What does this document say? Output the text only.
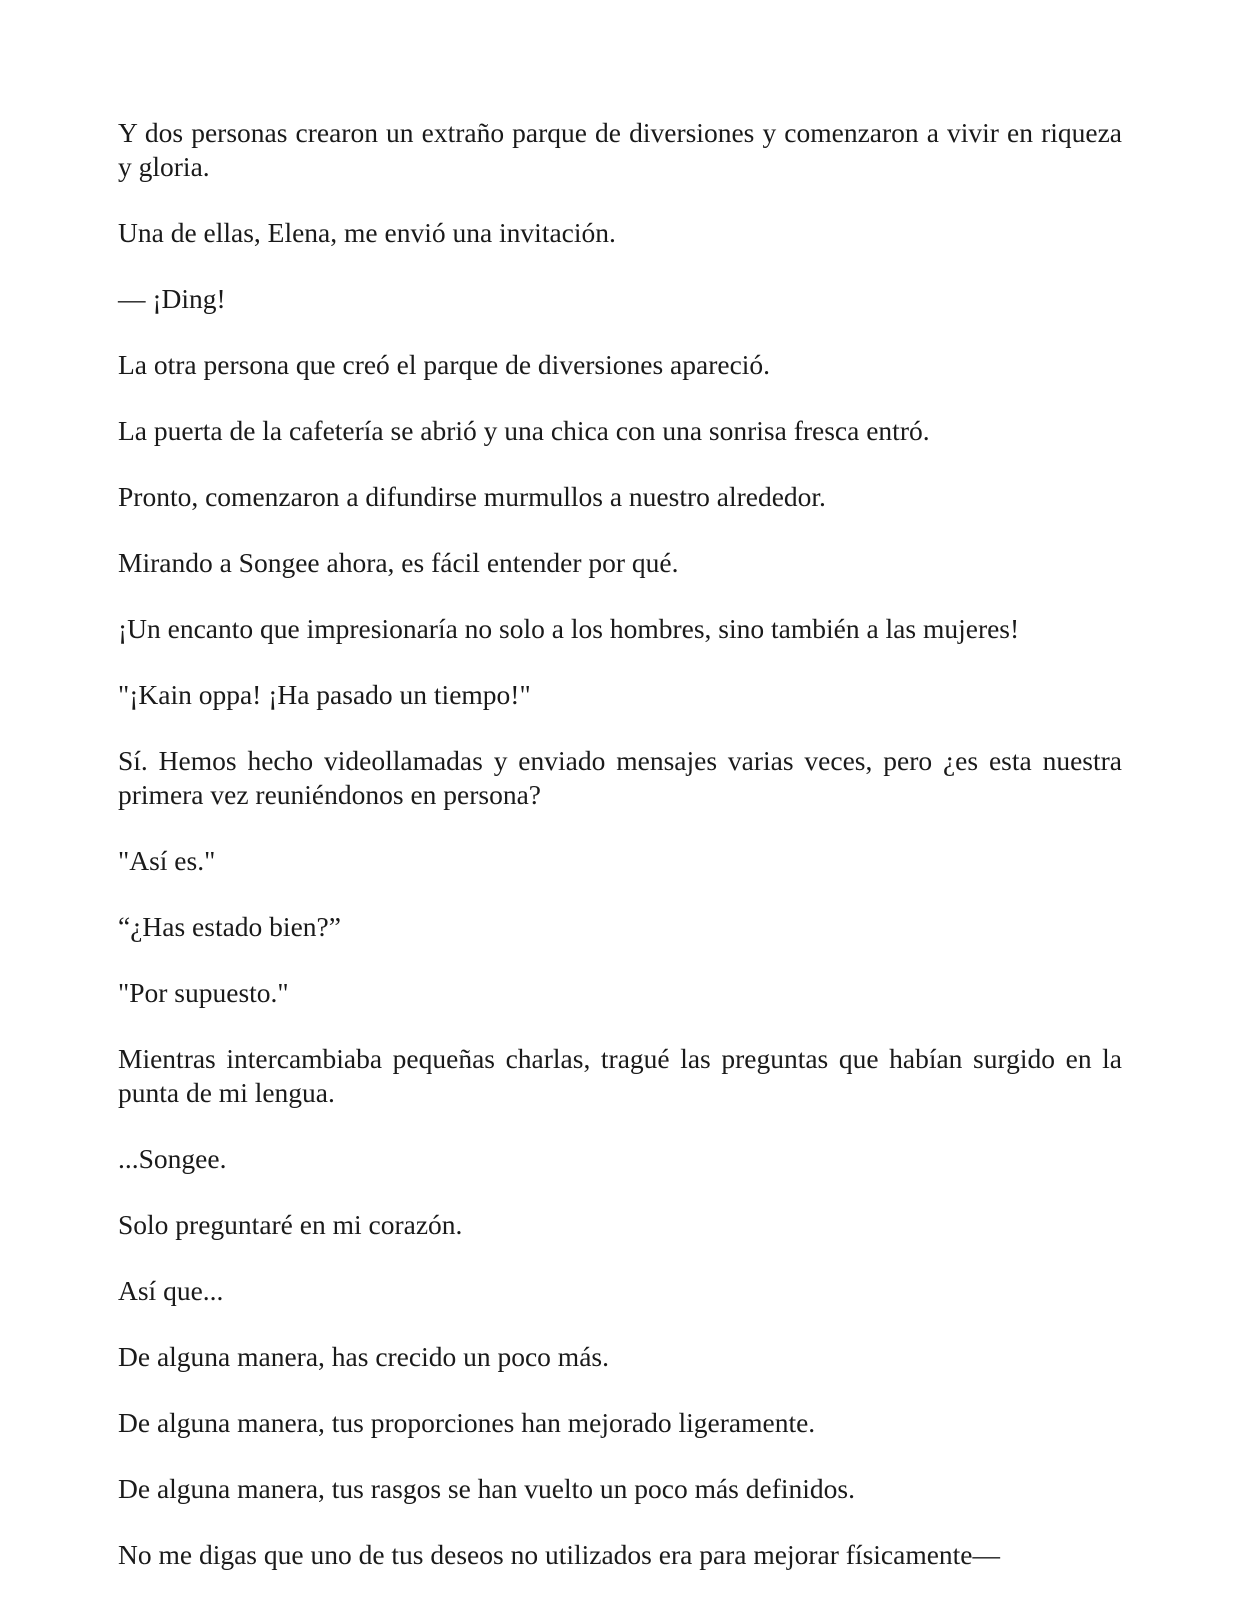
Y dos personas crearon un extraño parque de diversiones y comenzaron a vivir en riqueza y gloria.

Una de ellas, Elena, me envió una invitación.

— ¡Ding!

La otra persona que creó el parque de diversiones apareció.

La puerta de la cafetería se abrió y una chica con una sonrisa fresca entró.

Pronto, comenzaron a difundirse murmullos a nuestro alrededor.

Mirando a Songee ahora, es fácil entender por qué.

¡Un encanto que impresionaría no solo a los hombres, sino también a las mujeres!

"¡Kain oppa! ¡Ha pasado un tiempo!"

Sí. Hemos hecho videollamadas y enviado mensajes varias veces, pero ¿es esta nuestra primera vez reuniéndonos en persona?

"Así es."

“¿Has estado bien?”

"Por supuesto."

Mientras intercambiaba pequeñas charlas, tragué las preguntas que habían surgido en la punta de mi lengua.

...Songee.

Solo preguntaré en mi corazón.

Así que...

De alguna manera, has crecido un poco más.

De alguna manera, tus proporciones han mejorado ligeramente.

De alguna manera, tus rasgos se han vuelto un poco más definidos.

No me digas que uno de tus deseos no utilizados era para mejorar físicamente—
